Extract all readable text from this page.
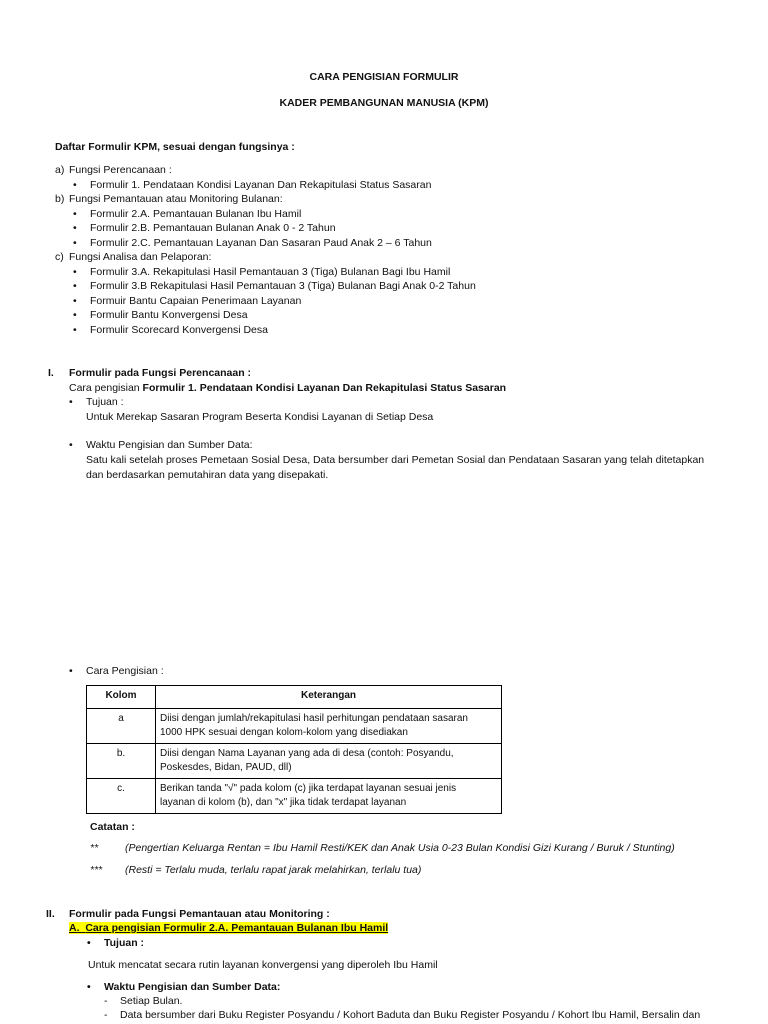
CARA PENGISIAN FORMULIR
KADER PEMBANGUNAN MANUSIA (KPM)
Daftar Formulir KPM, sesuai dengan fungsinya :
a) Fungsi Perencanaan :
• Formulir 1. Pendataan Kondisi Layanan Dan Rekapitulasi Status Sasaran
b) Fungsi Pemantauan atau Monitoring Bulanan:
• Formulir 2.A. Pemantauan Bulanan Ibu Hamil
• Formulir 2.B. Pemantauan Bulanan Anak 0 - 2 Tahun
• Formulir 2.C. Pemantauan Layanan Dan Sasaran Paud Anak 2 – 6 Tahun
c) Fungsi Analisa dan Pelaporan:
• Formulir 3.A. Rekapitulasi Hasil Pemantauan 3 (Tiga) Bulanan Bagi Ibu Hamil
• Formulir 3.B Rekapitulasi Hasil Pemantauan 3 (Tiga) Bulanan Bagi Anak 0-2 Tahun
• Formuir Bantu Capaian Penerimaan Layanan
• Formulir Bantu Konvergensi Desa
• Formulir Scorecard Konvergensi Desa
I. Formulir pada Fungsi Perencanaan :
Cara pengisian Formulir 1. Pendataan Kondisi Layanan Dan Rekapitulasi Status Sasaran
• Tujuan :
Untuk Merekap Sasaran Program Beserta Kondisi Layanan di Setiap Desa
• Waktu Pengisian dan Sumber Data:
Satu kali setelah proses Pemetaan Sosial Desa, Data bersumber dari Pemetan Sosial dan Pendataan Sasaran yang telah ditetapkan
dan berdasarkan pemutahiran data yang disepakati.
• Cara Pengisian :
Kolom	Keterangan
a	Diisi dengan jumlah/rekapitulasi hasil perhitungan pendataan sasaran
1000 HPK sesuai dengan kolom-kolom yang disediakan
b.	Diisi dengan Nama Layanan yang ada di desa (contoh: Posyandu,
Poskesdes, Bidan, PAUD, dll)
c.	Berikan tanda "√" pada kolom (c) jika terdapat layanan sesuai jenis
layanan di kolom (b), dan "x" jika tidak terdapat layanan
Catatan :
**	(Pengertian Keluarga Rentan = Ibu Hamil Resti/KEK dan Anak Usia 0-23 Bulan Kondisi Gizi Kurang / Buruk / Stunting)
*** (Resti = Terlalu muda, terlalu rapat jarak melahirkan, terlalu tua)
II. Formulir pada Fungsi Pemantauan atau Monitoring :
A. Cara pengisian Formulir 2.A. Pemantauan Bulanan Ibu Hamil
• Tujuan :
Untuk mencatat secara rutin layanan konvergensi yang diperoleh Ibu Hamil
• Waktu Pengisian dan Sumber Data:
- Setiap Bulan.
- Data bersumber dari Buku Register Posyandu / Kohort Baduta dan Buku Register Posyandu / Kohort Ibu Hamil, Bersalin dan
